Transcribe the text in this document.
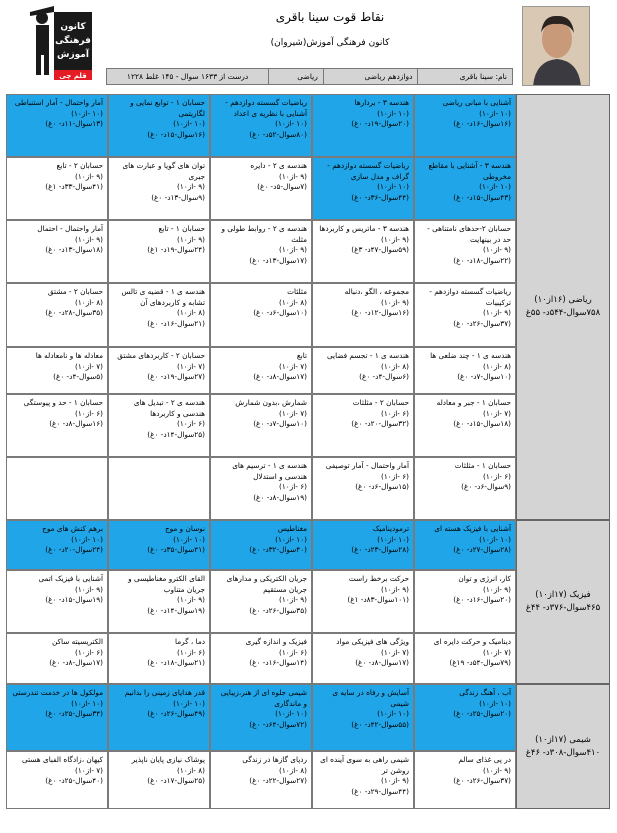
کانون
فرهنگی
آموزش
قلم چی
نقاط قوت سینا باقری
کانون فرهنگی آموزش(شیروان)
نام: سینا باقری
دوازدهم ریاضی
ریاضی
۱۲۲۸ درست از ۱۶۳۳ سوال - ۱۴۵ غلط
ریاضی (۱۶از۱۰) ۷۵۸سوال-۵۴۴د- ۵۵غ
آشنایی با مبانی ریاضی
(۱۰ -از۱۰)
(۱۶سوال-۱۶د- ۰غ)
هندسه ۳ - بردارها
(۱۰ -از۱۰)
(۲۰سوال-۱۹د- ۰غ)
ریاضیات گسسته دوازدهم - آشنایی با نظریه ی اعداد
(۱۰ -از۱۰)
(۸۰سوال-۵۲د- ۰غ)
حسابان ۱ - توابع نمایی و لگاریتمی
(۱۰ -از۱۰)
(۱۶سوال-۱۵د- ۰غ)
آمار واحتمال - آمار استنباطی
(۱۰ -از۱۰)
(۱۳سوال-۱۱د- ۰غ)
هندسه ۳ - آشنایی با مقاطع مخروطی
(۱۰ -از۱۰)
(۴۳سوال-۱۵د- ۰غ)
ریاضیات گسسته دوازدهم - گراف و مدل سازی
(۱۰ -از۱۰)
(۴۴سوال-۳۶د- ۰غ)
هندسه ی ۲ - دایره
(۹ -از۱۰)
(۷سوال-۵د- ۰غ)
توان های گویا و عبارت های جبری
(۹ -از۱۰)
(۹سوال-۱۳د- ۰غ)
حسابان ۲ - تابع
(۹ -از۱۰)
(۴۱سوال-۳۳د- ۱غ)
حسابان ۲-حدهای نامتناهی - حد در بینهایت
(۹ -از۱۰)
(۲۲سوال-۱۸د- ۰غ)
هندسه ۳ - ماتریس و کاربردها
(۹ -از۱۰)
(۵۹سوال-۴۷د- ۳غ)
هندسه ی ۲ - روابط طولی و مثلث
(۹ -از۱۰)
(۱۷سوال-۱۳د- ۰غ)
حسابان ۱ - تابع
(۹ -از۱۰)
(۲۴سوال-۱۹د- ۱غ)
آمار واحتمال - احتمال
(۹ -از۱۰)
(۱۸سوال-۱۳د- ۰غ)
ریاضیات گسسته دوازدهم - ترکیبیات
(۹ -از۱۰)
(۳۷سوال-۲۶د- ۰غ)
مجموعه ، الگو ،دنباله
(۹ -از۱۰)
(۱۶سوال-۱۲د- ۰غ)
مثلثات
(۸ -از۱۰)
(۱۰سوال-۶د- ۰غ)
هندسه ی ۱ - قضیه ی تالس تشابه و کاربردهای آن
(۸ -از۱۰)
(۲۱سوال-۱۶د- ۰غ)
حسابان ۲ - مشتق
(۸ -از۱۰)
(۳۵سوال-۲۸د- ۰غ)
هندسه ی ۱ - چند ضلعی ها
(۸ -از۱۰)
(۱۰سوال-۷د- ۰غ)
هندسه ی ۱ - تجسم فضایی
(۸ -از۱۰)
(۶سوال-۴د- ۰غ)
تابع
(۷ -از۱۰)
(۱۷سوال-۸د- ۰غ)
حسابان ۲ - کاربردهای مشتق
(۷ -از۱۰)
(۲۷سوال-۱۹د- ۰غ)
معادله ها و نامعادله ها
(۷ -از۱۰)
(۵سوال-۴د- ۰غ)
حسابان ۱ - جبر و معادله
(۷ -از۱۰)
(۱۸سوال-۱۵د- ۰غ)
حسابان ۲ - مثلثات
(۶ -از۱۰)
(۳۲سوال-۲۰د- ۰غ)
شمارش ،بدون شمارش
(۷ -از۱۰)
(۱۰سوال-۷د- ۰غ)
هندسه ی ۲ - تبدیل های هندسی و کاربردها
(۶ -از۱۰)
(۲۵سوال-۱۴د- ۰غ)
حسابان ۱ - حد و پیوستگی
(۶ -از۱۰)
(۱۶سوال-۸د- ۰غ)
حسابان ۱ - مثلثات
(۶ -از۱۰)
(۹سوال-۶د- ۰غ)
آمار واحتمال - آمار توصیفی
(۶ -از۱۰)
(۱۵سوال-۶د- ۰غ)
هندسه ی ۱ - ترسیم های هندسی و استدلال
(۶ -از۱۰)
(۱۹سوال-۸د- ۰غ)
فیزیک (۱۷از۱۰) ۴۶۵سوال-۳۷۶د- ۴۴غ
آشنایی با فیزیک هسته ای
(۱۰ -از۱۰)
(۲۸سوال-۲۷د- ۰غ)
ترمودینامیک
(۱۰ -از۱۰)
(۲۸سوال-۲۳د- ۰غ)
مغناطیس
(۱۰ -از۱۰)
(۴۰سوال-۳۲د- ۰غ)
نوسان و موج
(۱۰ -از۱۰)
(۴۱سوال-۳۵د- ۰غ)
برهم کنش های موج
(۱۰ -از۱۰)
(۲۴سوال-۲۰د- ۰غ)
کار، انرژی و توان
(۹ -از۱۰)
(۲۰سوال-۱۶د- ۰غ)
حرکت برخط راست
(۹ -از۱۰)
(۱۰۱سوال-۸۳د- ۱غ)
جریان الکتریکی و مدارهای جریان مستقیم
(۹ -از۱۰)
(۳۵سوال-۲۶د- ۰غ)
القای الکترو مغناطیسی و جریان متناوب
(۹ -از۱۰)
(۱۹سوال-۱۴د- ۰غ)
آشنایی با فیزیک اتمی
(۹ -از۱۰)
(۱۹سوال-۱۵د- ۰غ)
دینامیک و حرکت دایره ای
(۷ -از۱۰)
(۷۹سوال-۵۴د- ۱۹غ)
ویژگی های فیزیکی مواد
(۷ -از۱۰)
(۱۷سوال-۸د- ۰غ)
فیزیک و اندازه گیری
(۶ -از۱۰)
(۱۴سوال-۱۶د- ۰غ)
دما ، گرما
(۶ -از۱۰)
(۲۱سوال-۱۸د- ۰غ)
الکتریسیته ساکن
(۶ -از۱۰)
(۱۷سوال-۸د- ۰غ)
شیمی (۱۷از۱۰) ۴۱۰سوال-۳۰۸د- ۴۶غ
آب ، آهنگ زندگی
(۱۰ -از۱۰)
(۲۰سوال-۲۵د- ۰غ)
آسایش و رفاه در سایه ی شیمی
(۱۰ -از۱۰)
(۵۵سوال-۴۲د- ۰غ)
شیمی جلوه ای از هنر،زیبایی و ماندگاری
(۱۰ -از۱۰)
(۷۲سوال-۶۴د- ۰غ)
قدر هدایای زمینی را بدانیم
(۱۰ -از۱۰)
(۴۹سوال-۲۶د- ۰غ)
مولکول ها در خدمت تندرستی
(۱۰ -از۱۰)
(۳۴سوال-۲۵د- ۰غ)
در پی غذای سالم
(۹ -از۱۰)
(۳۷سوال-۲۶د- ۰غ)
شیمی راهی به سوی آینده ای روشن تر
(۹ -از۱۰)
(۴۴سوال-۲۹د- ۰غ)
ردپای گازها در زندگی
(۸ -از۱۰)
(۲۷سوال-۲۲د- ۰غ)
پوشاک نیازی پایان ناپذیر
(۸ -از۱۰)
(۲۵سوال-۱۷د- ۰غ)
کیهان ،زادگاه الفبای هستی
(۷ -از۱۰)
(۴۰سوال-۲۵د- ۰غ)
